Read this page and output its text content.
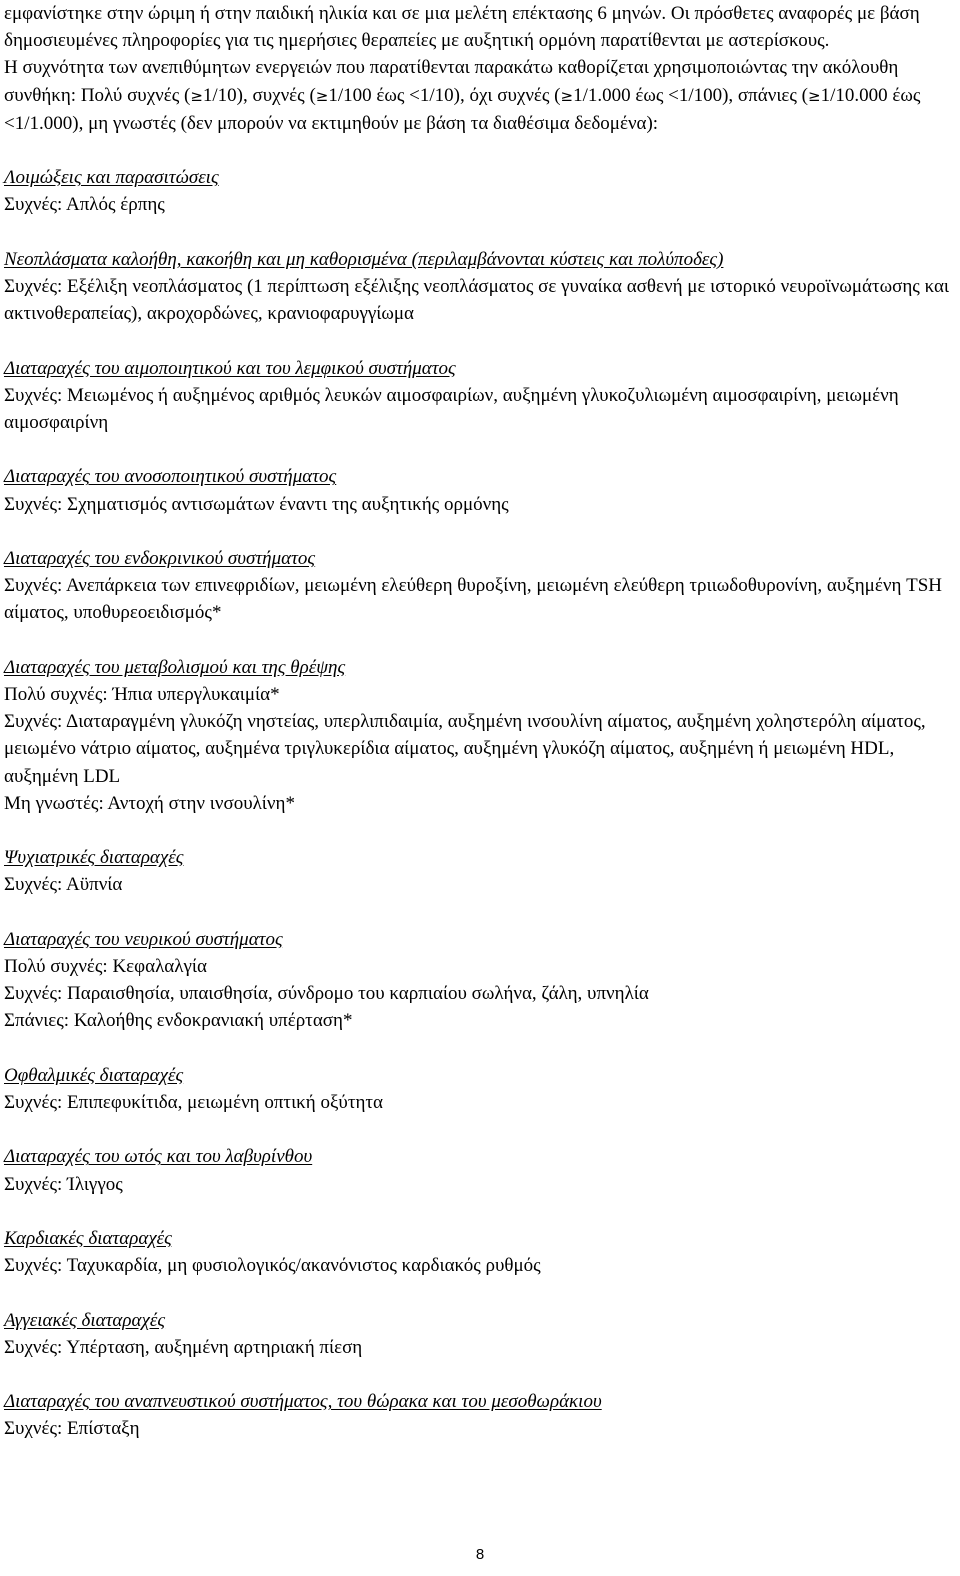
εμφανίστηκε στην ώριμη ή στην παιδική ηλικία και σε μια μελέτη επέκτασης 6 μηνών. Οι πρόσθετες αναφορές με βάση δημοσιευμένες πληροφορίες για τις ημερήσιες θεραπείες με αυξητική ορμόνη παρατίθενται με αστερίσκους.

Η συχνότητα των ανεπιθύμητων ενεργειών που παρατίθενται παρακάτω καθορίζεται χρησιμοποιώντας την ακόλουθη συνθήκη: Πολύ συχνές (≥1/10), συχνές (≥1/100 έως <1/10), όχι συχνές (≥1/1.000 έως <1/100), σπάνιες (≥1/10.000 έως <1/1.000), μη γνωστές (δεν μπορούν να εκτιμηθούν με βάση τα διαθέσιμα δεδομένα):

Λοιμώξεις και παρασιτώσεις

Συχνές: Απλός έρπης

Νεοπλάσματα καλοήθη, κακοήθη και μη καθορισμένα (περιλαμβάνονται κύστεις και πολύποδες)

Συχνές: Εξέλιξη νεοπλάσματος (1 περίπτωση εξέλιξης νεοπλάσματος σε γυναίκα ασθενή με ιστορικό νευροϊνωμάτωσης και ακτινοθεραπείας), ακροχορδώνες, κρανιοφαρυγγίωμα

Διαταραχές του αιμοποιητικού και του λεμφικού συστήματος

Συχνές: Μειωμένος ή αυξημένος αριθμός λευκών αιμοσφαιρίων, αυξημένη γλυκοζυλιωμένη αιμοσφαιρίνη, μειωμένη αιμοσφαιρίνη

Διαταραχές του ανοσοποιητικού συστήματος

Συχνές: Σχηματισμός αντισωμάτων έναντι της αυξητικής ορμόνης

Διαταραχές του ενδοκρινικού συστήματος

Συχνές: Ανεπάρκεια των επινεφριδίων, μειωμένη ελεύθερη θυροξίνη, μειωμένη ελεύθερη τριιωδοθυρονίνη, αυξημένη TSH αίματος, υποθυρεοειδισμός*

Διαταραχές του μεταβολισμού και της θρέψης

Πολύ συχνές: Ήπια υπεργλυκαιμία*

Συχνές: Διαταραγμένη γλυκόζη νηστείας, υπερλιπιδαιμία, αυξημένη ινσουλίνη αίματος, αυξημένη χοληστερόλη αίματος, μειωμένο νάτριο αίματος, αυξημένα τριγλυκερίδια αίματος, αυξημένη γλυκόζη αίματος, αυξημένη ή μειωμένη HDL, αυξημένη LDL

Μη γνωστές: Αντοχή στην ινσουλίνη*

Ψυχιατρικές διαταραχές

Συχνές: Αϋπνία

Διαταραχές του νευρικού συστήματος

Πολύ συχνές: Κεφαλαλγία

Συχνές: Παραισθησία, υπαισθησία, σύνδρομο του καρπιαίου σωλήνα, ζάλη, υπνηλία

Σπάνιες: Καλοήθης ενδοκρανιακή υπέρταση*

Οφθαλμικές διαταραχές

Συχνές: Επιπεφυκίτιδα, μειωμένη οπτική οξύτητα

Διαταραχές του ωτός και του λαβυρίνθου

Συχνές: Ίλιγγος

Καρδιακές διαταραχές

Συχνές: Ταχυκαρδία, μη φυσιολογικός/ακανόνιστος καρδιακός ρυθμός

Αγγειακές διαταραχές

Συχνές: Υπέρταση, αυξημένη αρτηριακή πίεση

Διαταραχές του αναπνευστικού συστήματος, του θώρακα και του μεσοθωράκιου

Συχνές: Επίσταξη

8
